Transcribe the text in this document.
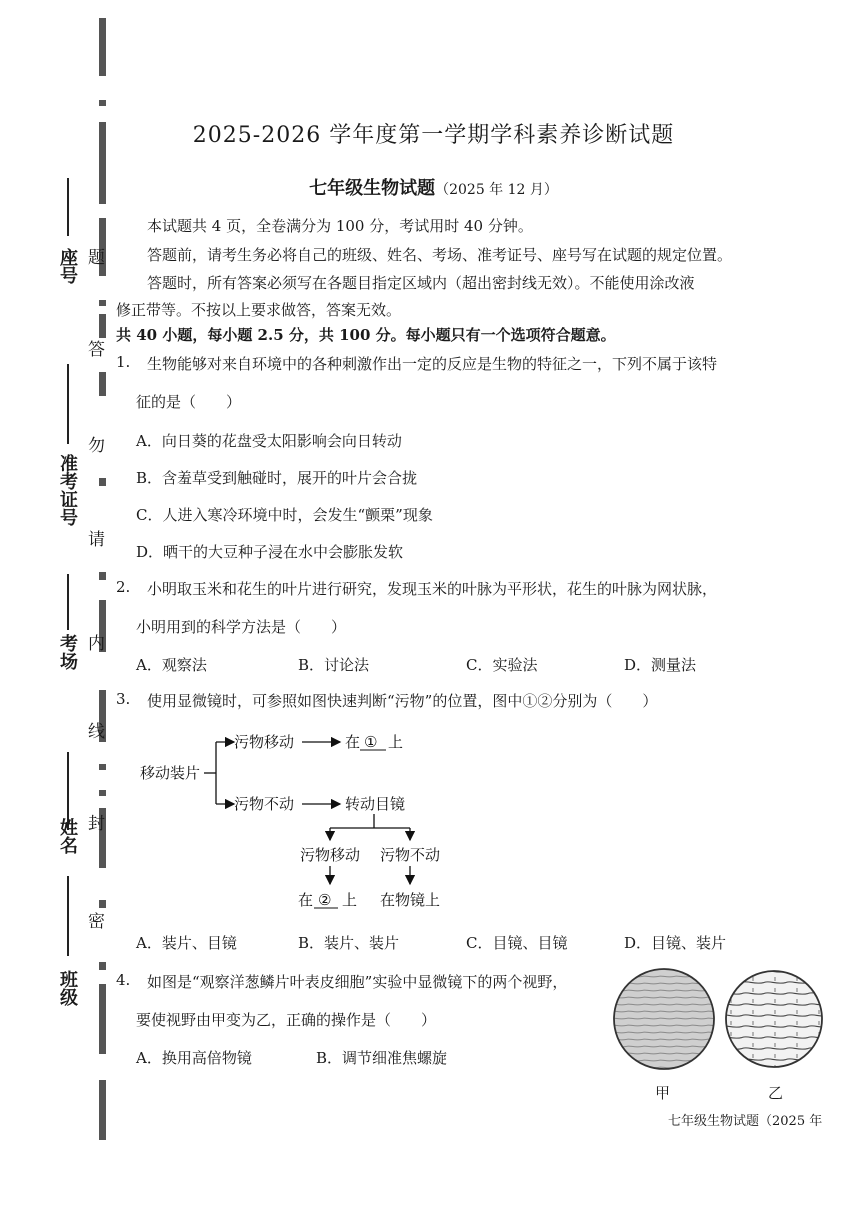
座号
准考证号
考场
姓名
班级
题
答
勿
请
内
线
封
密
2025-2026 学年度第一学期学科素养诊断试题
七年级生物试题（2025 年 12 月）
本试题共 4 页，全卷满分为 100 分，考试用时 40 分钟。
答题前，请考生务必将自己的班级、姓名、考场、准考证号、座号写在试题的规定位置。
答题时，所有答案必须写在各题目指定区域内（超出密封线无效）。不能使用涂改液
修正带等。不按以上要求做答，答案无效。
共 40 小题，每小题 2.5 分，共 100 分。每小题只有一个选项符合题意。
1. 生物能够对来自环境中的各种刺激作出一定的反应是生物的特征之一，下列不属于该特
征的是（　　）
A．向日葵的花盘受太阳影响会向日转动
B．含羞草受到触碰时，展开的叶片会合拢
C．人进入寒冷环境中时，会发生“颤栗”现象
D．晒干的大豆种子浸在水中会膨胀发软
2. 小明取玉米和花生的叶片进行研究，发现玉米的叶脉为平形状，花生的叶脉为网状脉，
小明用到的科学方法是（　　）
A．观察法	B．讨论法	C．实验法	D．测量法
3. 使用显微镜时，可参照如图快速判断“污物”的位置，图中①②分别为（　　）
移动装片
污物移动	在 ① 上
污物不动	转动目镜
污物移动 污物不动
在 ② 上 在物镜上
A．装片、目镜	B．装片、装片	C．目镜、目镜	D．目镜、装片
4. 如图是“观察洋葱鳞片叶表皮细胞”实验中显微镜下的两个视野，
要使视野由甲变为乙，正确的操作是（　　）
A．换用高倍物镜	B．调节细准焦螺旋
甲	乙
七年级生物试题（2025 年
